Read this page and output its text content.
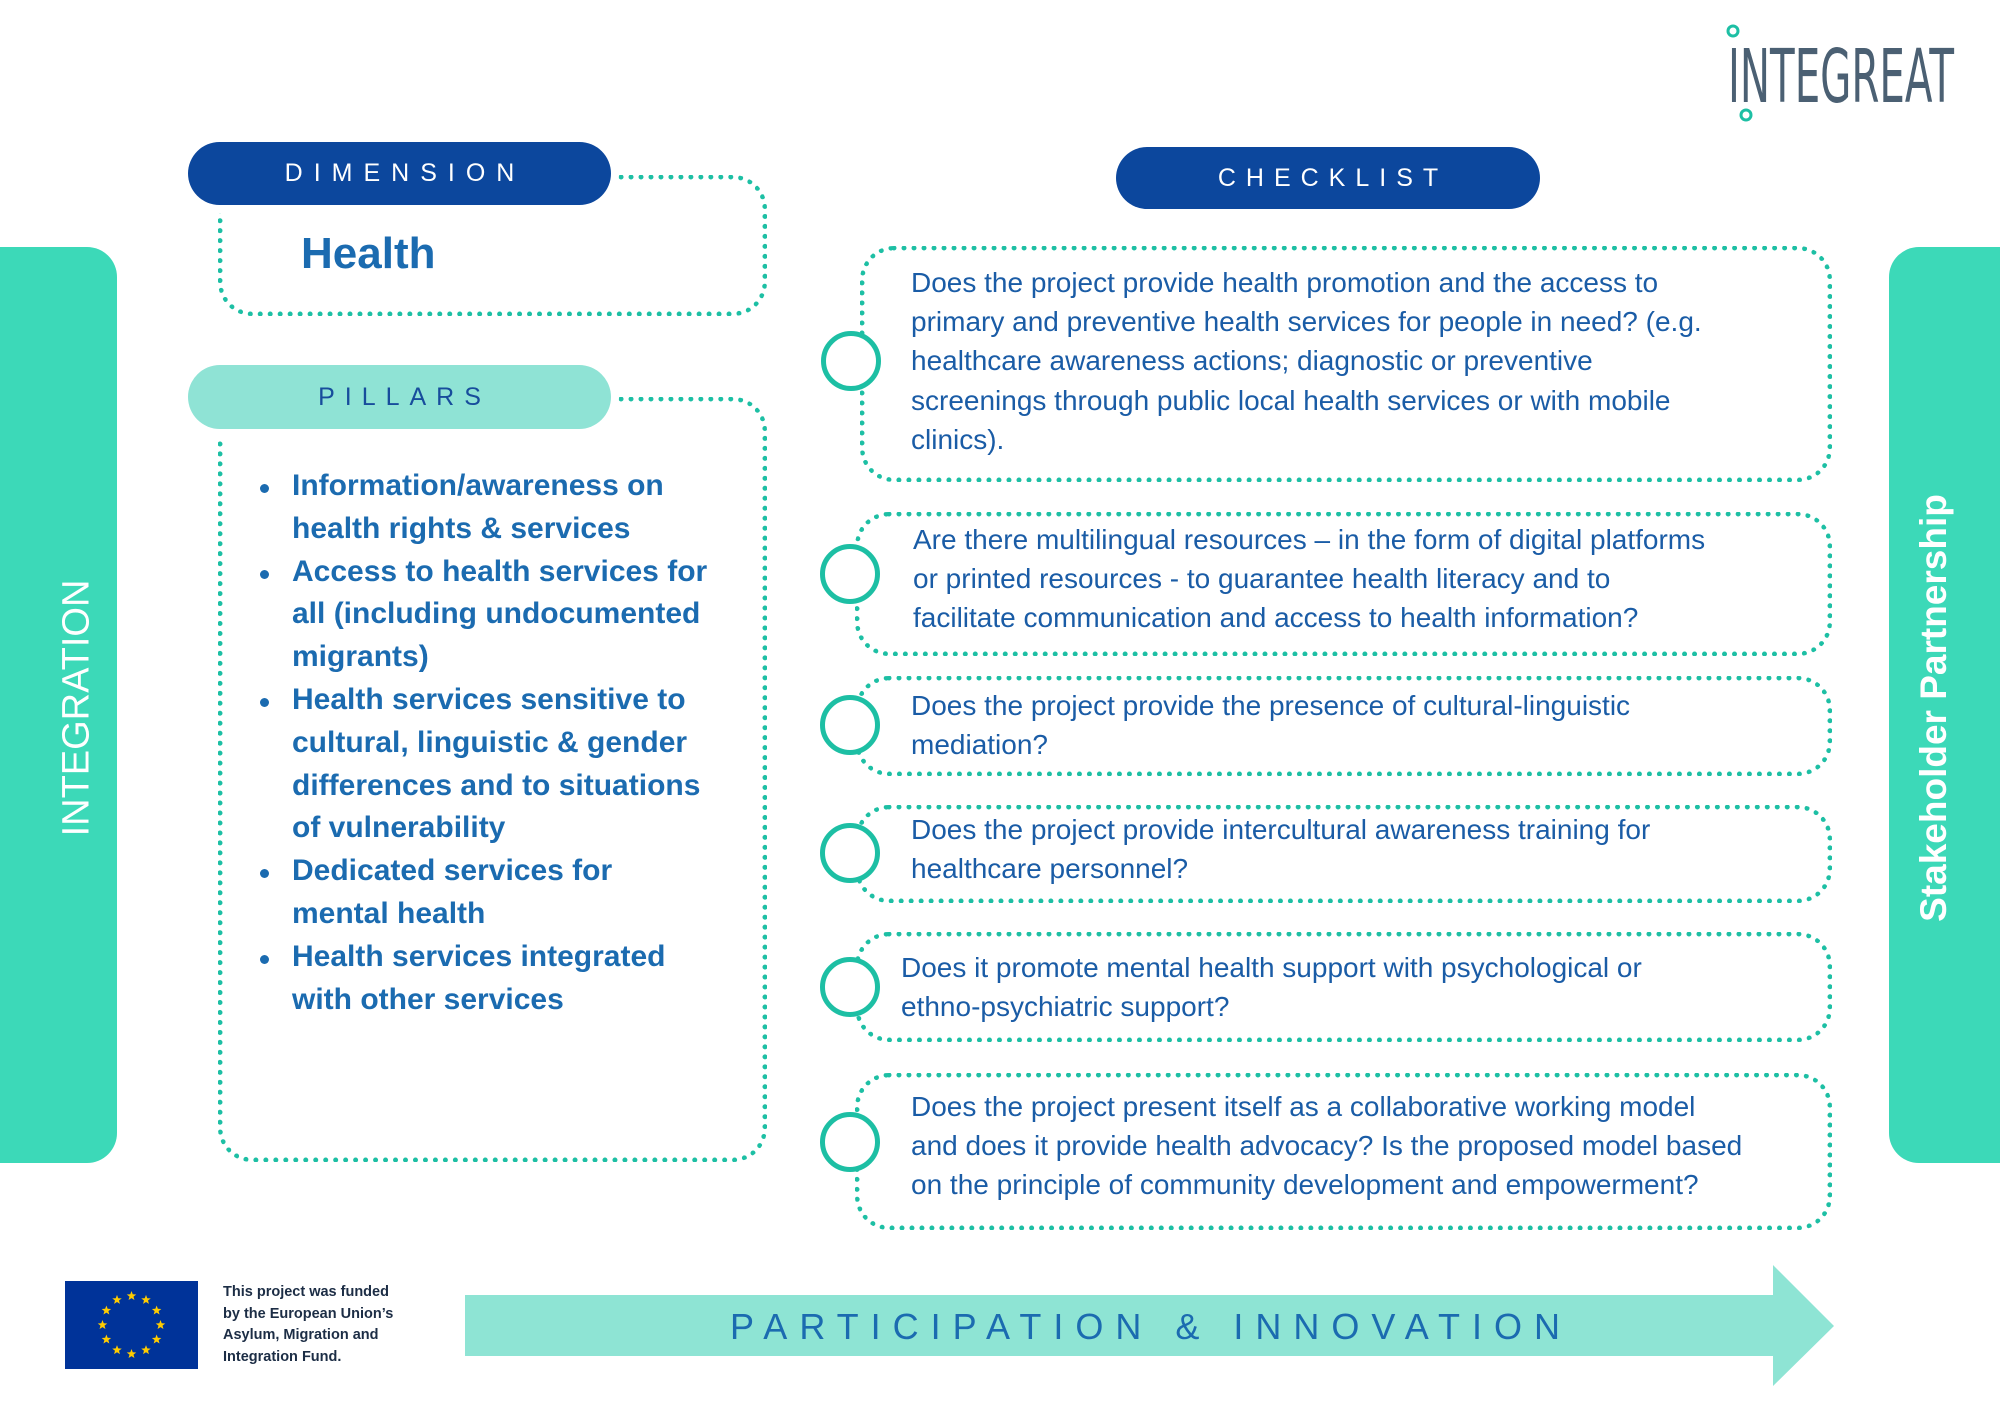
INTEGREAT
INTEGRATION	Stakeholder Partnership
DIMENSION
Health
PILLARS
Information/awareness on
health rights & services
Access to health services for
all (including undocumented
migrants)
Health services sensitive to
cultural, linguistic & gender
differences and to situations
of vulnerability
Dedicated services for
mental health
Health services integrated
with other services
CHECKLIST
Does the project provide health promotion and the access to
primary and preventive health services for people in need? (e.g.
healthcare awareness actions; diagnostic or preventive
screenings through public local health services or with mobile
clinics).
Are there multilingual resources – in the form of digital platforms
or printed resources - to guarantee health literacy and to
facilitate communication and access to health information?
Does the project provide the presence of cultural-linguistic
mediation?
Does the project provide intercultural awareness training for
healthcare personnel?
Does it promote mental health support with psychological or
ethno-psychiatric support?
Does the project present itself as a collaborative working model
and does it provide health advocacy? Is the proposed model based
on the principle of community development and empowerment?
This project was funded
by the European Union’s
Asylum, Migration and
Integration Fund.
PARTICIPATION & INNOVATION
